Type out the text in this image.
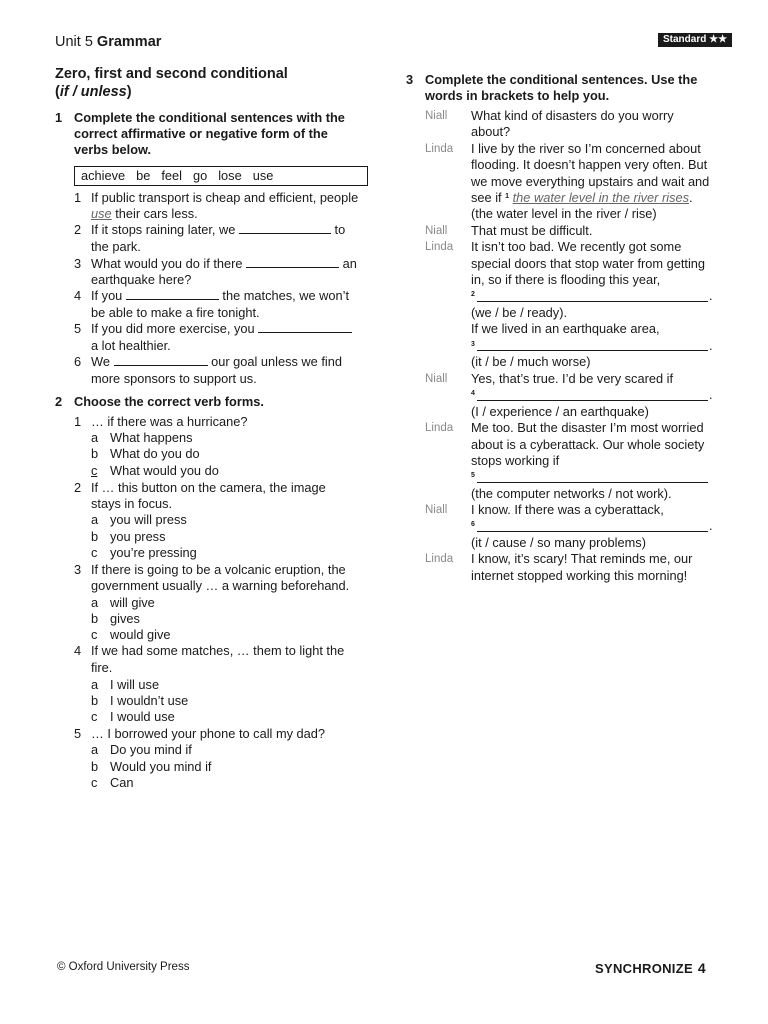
Unit 5 Grammar	Standard ★★
Zero, first and second conditional
(if / unless)
1 Complete the conditional sentences with the
correct affirmative or negative form of the
verbs below.
achieve be feel go lose use
1 If public transport is cheap and efficient, people
use their cars less.
2 If it stops raining later, we	to
the park.
3 What would you do if there	an
earthquake here?
4 If you	the matches, we won’t
be able to make a fire tonight.
5 If you did more exercise, you
a lot healthier.
6 We	our goal unless we find
more sponsors to support us.
2 Choose the correct verb forms.
1 … if there was a hurricane?
a What happens
b What do you do
c What would you do
2 If … this button on the camera, the image
stays in focus.
a you will press
b you press
c you’re pressing
3 If there is going to be a volcanic eruption, the
government usually … a warning beforehand.
a will give
b gives
c would give
4 If we had some matches, … them to light the
fire.
a I will use
b I wouldn’t use
c I would use
5 … I borrowed your phone to call my dad?
a Do you mind if
b Would you mind if
c Can
3 Complete the conditional sentences. Use the
words in brackets to help you.
Niall What kind of disasters do you worry
about?
Linda I live by the river so I’m concerned about
flooding. It doesn’t happen very often. But
we move everything upstairs and wait and
see if $^1$ the water level in the river rises.
(the water level in the river / rise)
Niall That must be difficult.
Linda It isn’t too bad. We recently got some
special doors that stop water from getting
in, so if there is flooding this year,
$^2$	.
(we / be / ready).
If we lived in an earthquake area,
$^3$	.
(it / be / much worse)
Niall Yes, that’s true. I’d be very scared if
$^4$	.
(I / experience / an earthquake)
Linda Me too. But the disaster I’m most worried
about is a cyberattack. Our whole society
stops working if
$^5$
(the computer networks / not work).
Niall I know. If there was a cyberattack,
$^6$	.
(it / cause / so many problems)
Linda I know, it’s scary! That reminds me, our
internet stopped working this morning!
© Oxford University Press	SYNCHRONIZE 4
